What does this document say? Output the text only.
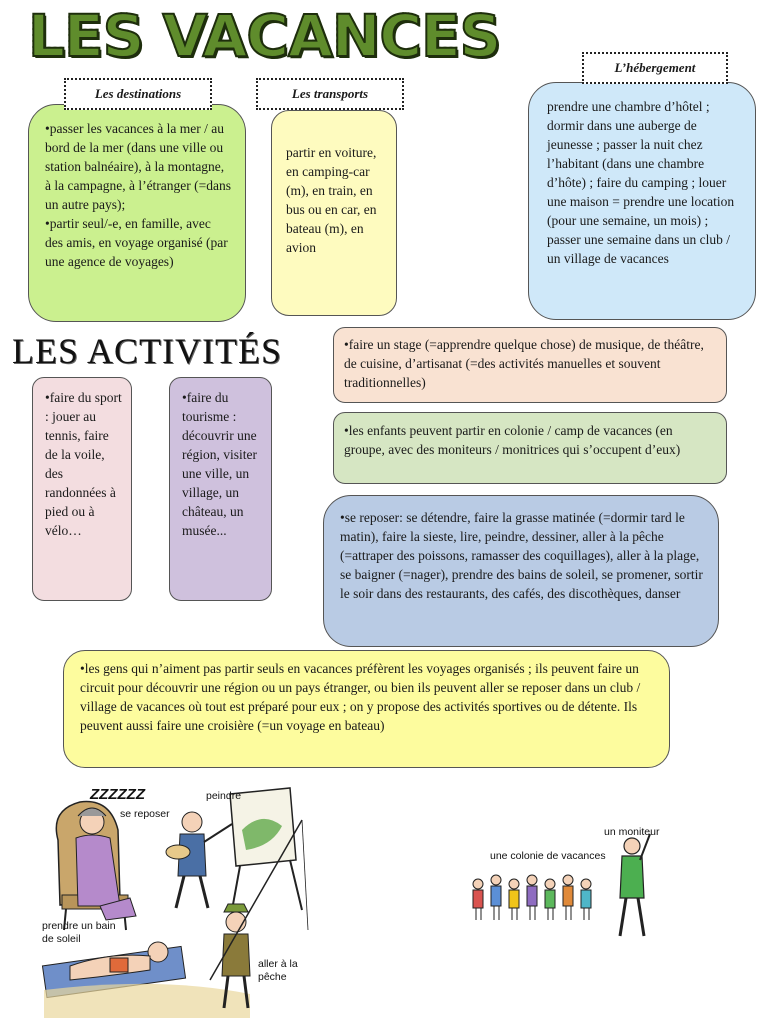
LES VACANCES

•passer les vacances à la mer / au bord de la mer (dans une ville ou station balnéaire), à la montagne, à la campagne, à l’étranger (=dans un autre pays);

•partir seul/-e, en famille, avec des amis, en voyage organisé (par une agence de voyages)

Les destinations

partir en voiture, en camping-car (m), en train, en bus ou en car, en bateau (m), en avion

Les transports

prendre une chambre d’hôtel ; dormir dans une auberge de jeunesse ; passer la nuit chez l’habitant (dans une chambre d’hôte) ; faire du camping ; louer une maison = prendre une location (pour une semaine, un mois) ; passer une semaine dans un club / un village de vacances

L’hébergement
LES ACTIVITÉS

•faire du sport : jouer au tennis, faire de la voile, des randonnées à pied ou à vélo…

•faire du tourisme : découvrir une région, visiter une ville, un village, un château, un musée...

•faire un stage (=apprendre quelque chose) de musique, de théâtre, de cuisine, d’artisanat (=des activités manuelles et souvent traditionnelles)

•les enfants peuvent partir en colonie / camp de vacances (en groupe, avec des moniteurs / monitrices qui s’occupent d’eux)

•se reposer: se détendre, faire la grasse matinée (=dormir tard le matin), faire la sieste, lire, peindre, dessiner, aller à la pêche (=attraper des poissons, ramasser des coquillages), aller à la plage, se baigner (=nager), prendre des bains de soleil, se promener, sortir le soir dans des restaurants, des cafés, des discothèques, danser

•les gens qui n’aiment pas partir seuls en vacances préfèrent les voyages organisés ; ils peuvent faire un circuit pour découvrir une région ou un pays étranger, ou bien ils peuvent aller se reposer dans un club / village de vacances où tout est préparé pour eux ; on y propose des activités sportives ou de détente. Ils peuvent aussi faire une croisière (=un voyage en bateau)

ZZZZZZ
se reposer
peindre
prendre un bain de soleil
aller à la pêche
une colonie de vacances
un moniteur
